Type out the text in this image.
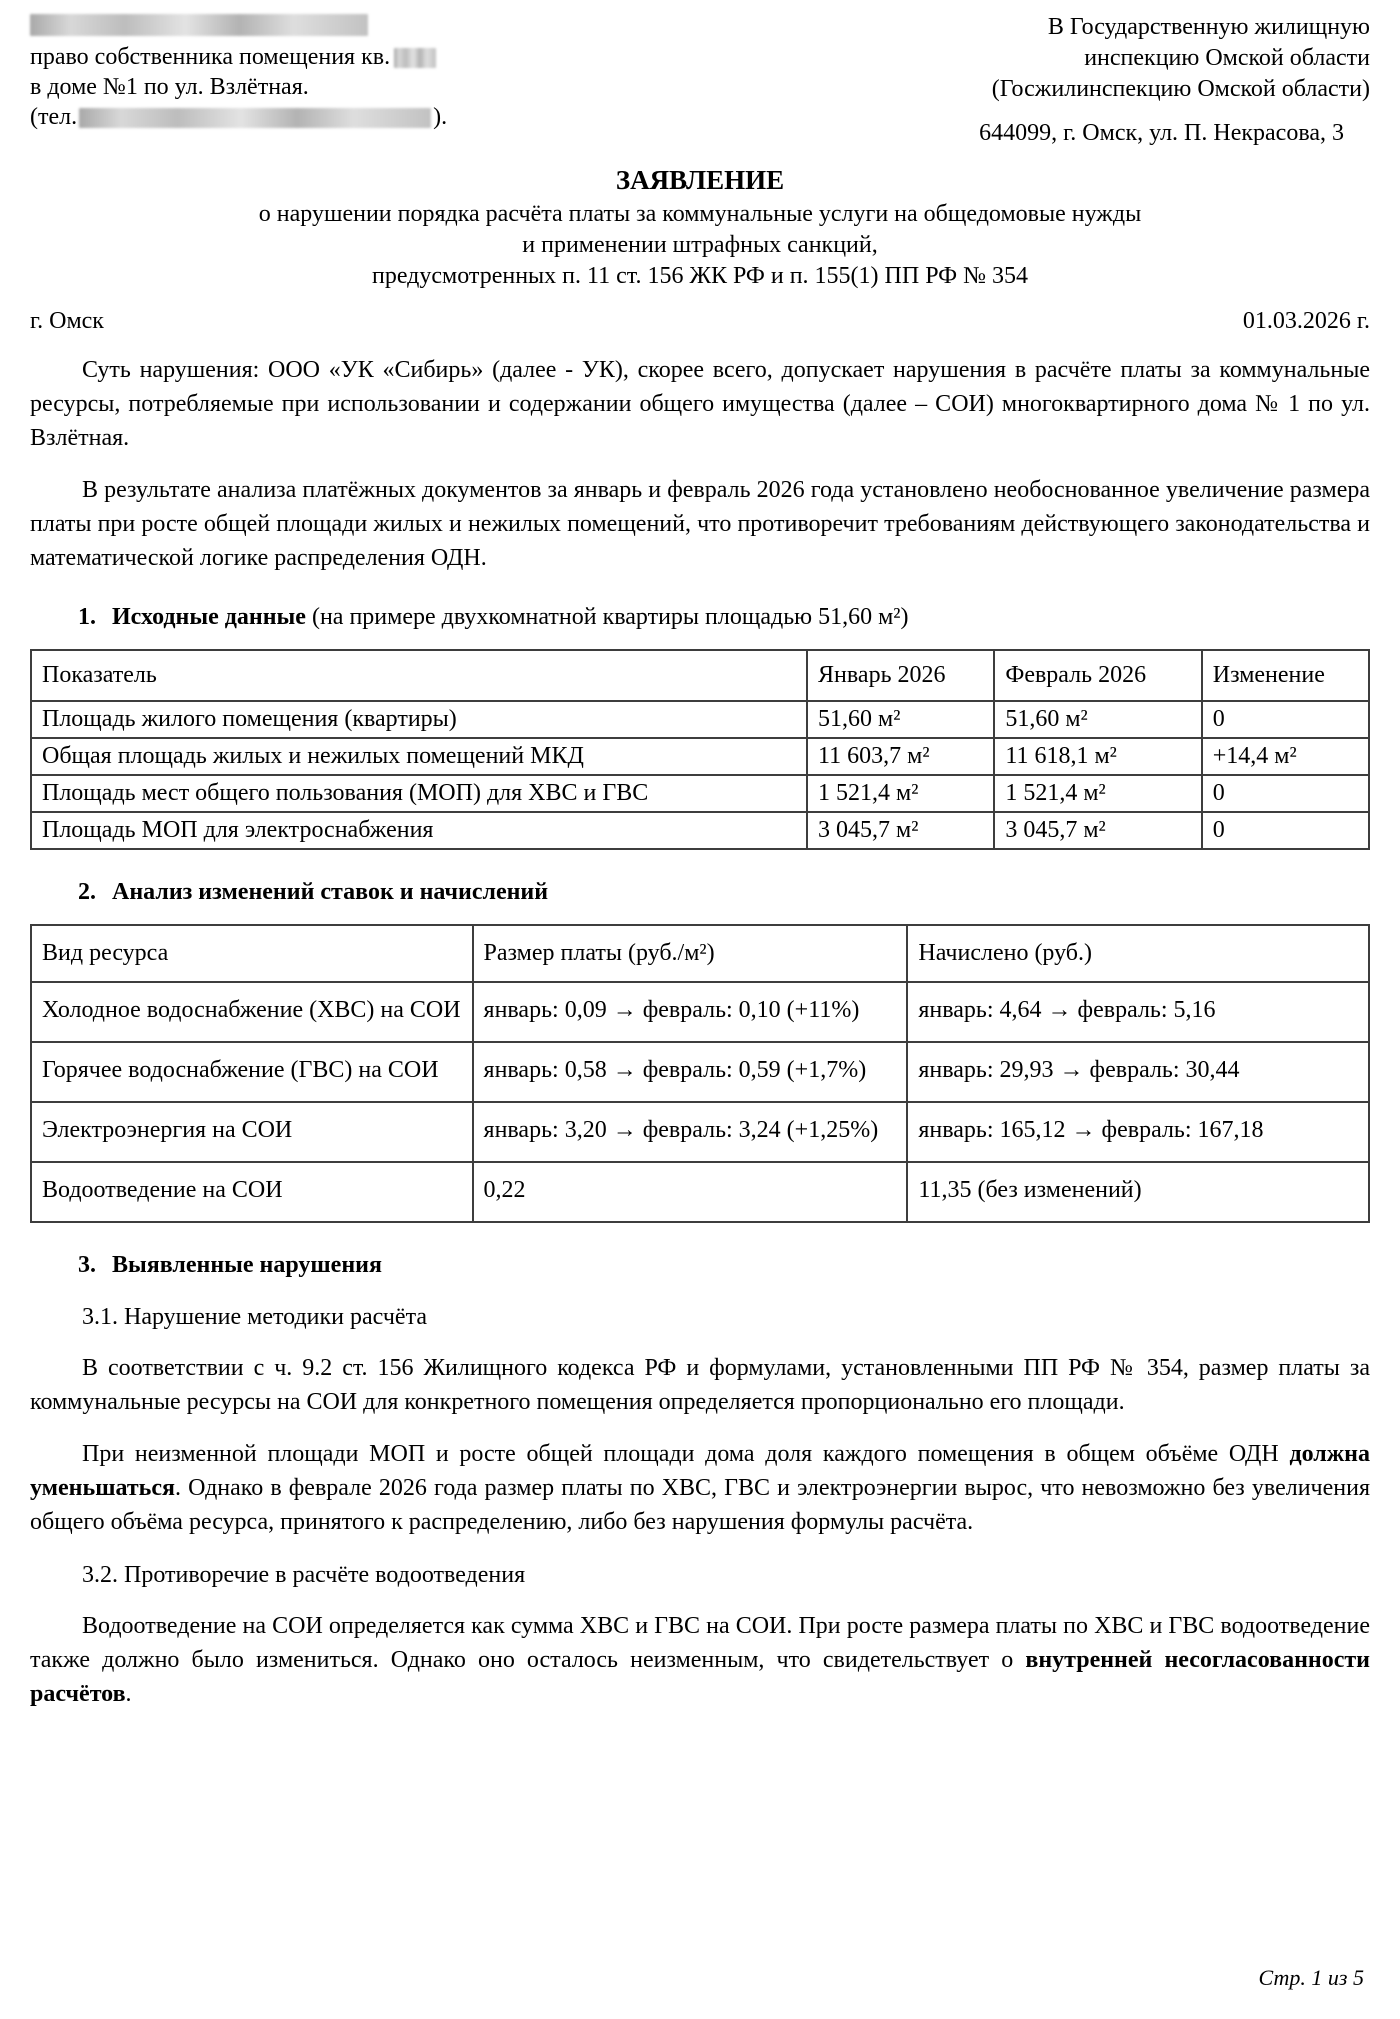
право собственника помещения кв.
в доме №1 по ул. Взлётная.
(тел.	).
В Государственную жилищную
инспекцию Омской области
(Госжилинспекцию Омской области)
644099, г. Омск, ул. П. Некрасова, 3
ЗАЯВЛЕНИЕ
о нарушении порядка расчёта платы за коммунальные услуги на общедомовые нужды
и применении штрафных санкций,
предусмотренных п. 11 ст. 156 ЖК РФ и п. 155(1) ПП РФ № 354
г. Омск	01.03.2026 г.

Суть нарушения: ООО «УК «Сибирь» (далее - УК), скорее всего, допускает нарушения в расчёте платы за коммунальные ресурсы, потребляемые при использовании и содержании общего имущества (далее – СОИ) многоквартирного дома № 1 по ул. Взлётная.

В результате анализа платёжных документов за январь и февраль 2026 года установлено необоснованное увеличение размера платы при росте общей площади жилых и нежилых помещений, что противоречит требованиям действующего законодательства и математической логике распределения ОДН.

1. Исходные данные (на примере двухкомнатной квартиры площадью 51,60 м²)
Показатель	Январь 2026	Февраль 2026	Изменение
Площадь жилого помещения (квартиры)	51,60 м²	51,60 м²	0
Общая площадь жилых и нежилых помещений МКД	11 603,7 м²	11 618,1 м²	+14,4 м²
Площадь мест общего пользования (МОП) для ХВС и ГВС	1 521,4 м²	1 521,4 м²	0
Площадь МОП для электроснабжения	3 045,7 м²	3 045,7 м²	0
2. Анализ изменений ставок и начислений
Вид ресурса	Размер платы (руб./м²)	Начислено (руб.)
Холодное водоснабжение (ХВС) на СОИ	январь: 0,09 → февраль: 0,10 (+11%)	январь: 4,64 → февраль: 5,16
Горячее водоснабжение (ГВС) на СОИ	январь: 0,58 → февраль: 0,59 (+1,7%)	январь: 29,93 → февраль: 30,44
Электроэнергия на СОИ	январь: 3,20 → февраль: 3,24 (+1,25%)	январь: 165,12 → февраль: 167,18
Водоотведение на СОИ	0,22	11,35 (без изменений)
3. Выявленные нарушения
3.1. Нарушение методики расчёта

В соответствии с ч. 9.2 ст. 156 Жилищного кодекса РФ и формулами, установленными ПП РФ № 354, размер платы за коммунальные ресурсы на СОИ для конкретного помещения определяется пропорционально его площади.

При неизменной площади МОП и росте общей площади дома доля каждого помещения в общем объёме ОДН должна уменьшаться. Однако в феврале 2026 года размер платы по ХВС, ГВС и электроэнергии вырос, что невозможно без увеличения общего объёма ресурса, принятого к распределению, либо без нарушения формулы расчёта.

3.2. Противоречие в расчёте водоотведения

Водоотведение на СОИ определяется как сумма ХВС и ГВС на СОИ. При росте размера платы по ХВС и ГВС водоотведение также должно было измениться. Однако оно осталось неизменным, что свидетельствует о внутренней несогласованности расчётов.

Стр. 1 из 5
